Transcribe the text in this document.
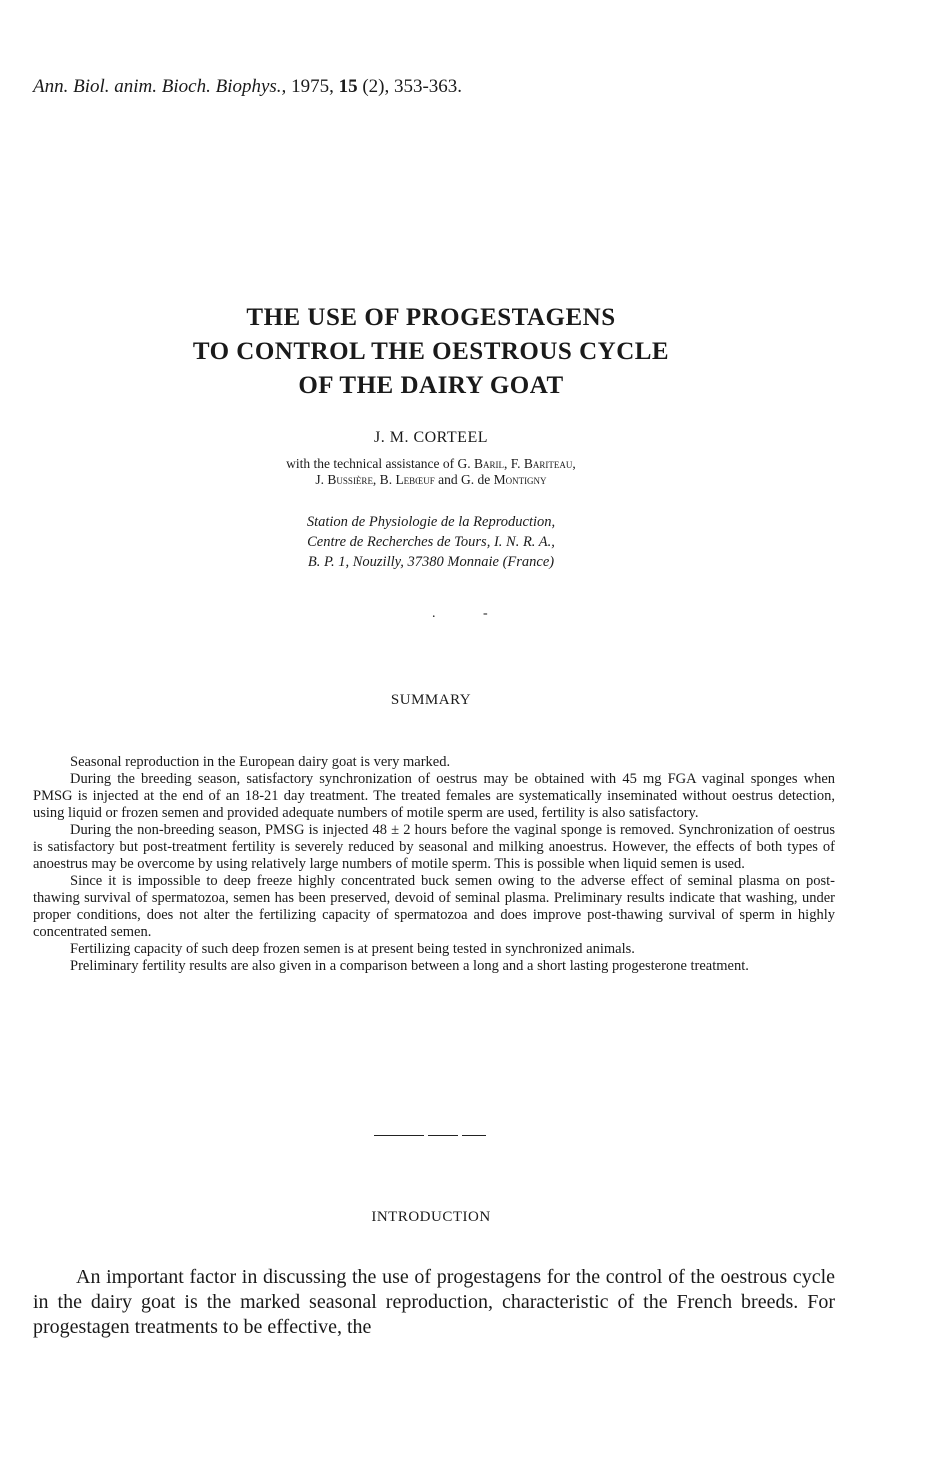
Ann. Biol. anim. Bioch. Biophys., 1975, 15 (2), 353-363.
THE USE OF PROGESTAGENS
TO CONTROL THE OESTROUS CYCLE
OF THE DAIRY GOAT
J. M. CORTEEL
with the technical assistance of G. Baril, F. Bariteau,
J. Bussière, B. Lebœuf and G. de Montigny
Station de Physiologie de la Reproduction,
Centre de Recherches de Tours, I. N. R. A.,
B. P. 1, Nouzilly, 37380 Monnaie (France)
.	-
SUMMARY

Seasonal reproduction in the European dairy goat is very marked.

During the breeding season, satisfactory synchronization of oestrus may be obtained with 45 mg FGA vaginal sponges when PMSG is injected at the end of an 18-21 day treatment. The treated females are systematically inseminated without oestrus detection, using liquid or frozen semen and provided adequate numbers of motile sperm are used, fertility is also satisfactory.

During the non-breeding season, PMSG is injected 48 ± 2 hours before the vaginal sponge is removed. Synchronization of oestrus is satisfactory but post-treatment fertility is severely reduced by seasonal and milking anoestrus. However, the effects of both types of anoestrus may be overcome by using relatively large numbers of motile sperm. This is possible when liquid semen is used.

Since it is impossible to deep freeze highly concentrated buck semen owing to the adverse effect of seminal plasma on post-thawing survival of spermatozoa, semen has been preserved, devoid of seminal plasma. Preliminary results indicate that washing, under proper conditions, does not alter the fertilizing capacity of spermatozoa and does improve post-thawing survival of sperm in highly concentrated semen.

Fertilizing capacity of such deep frozen semen is at present being tested in synchronized animals.

Preliminary fertility results are also given in a comparison between a long and a short lasting progesterone treatment.

INTRODUCTION

An important factor in discussing the use of progestagens for the control of the oestrous cycle in the dairy goat is the marked seasonal reproduction, characteristic of the French breeds. For progestagen treatments to be effective, the
